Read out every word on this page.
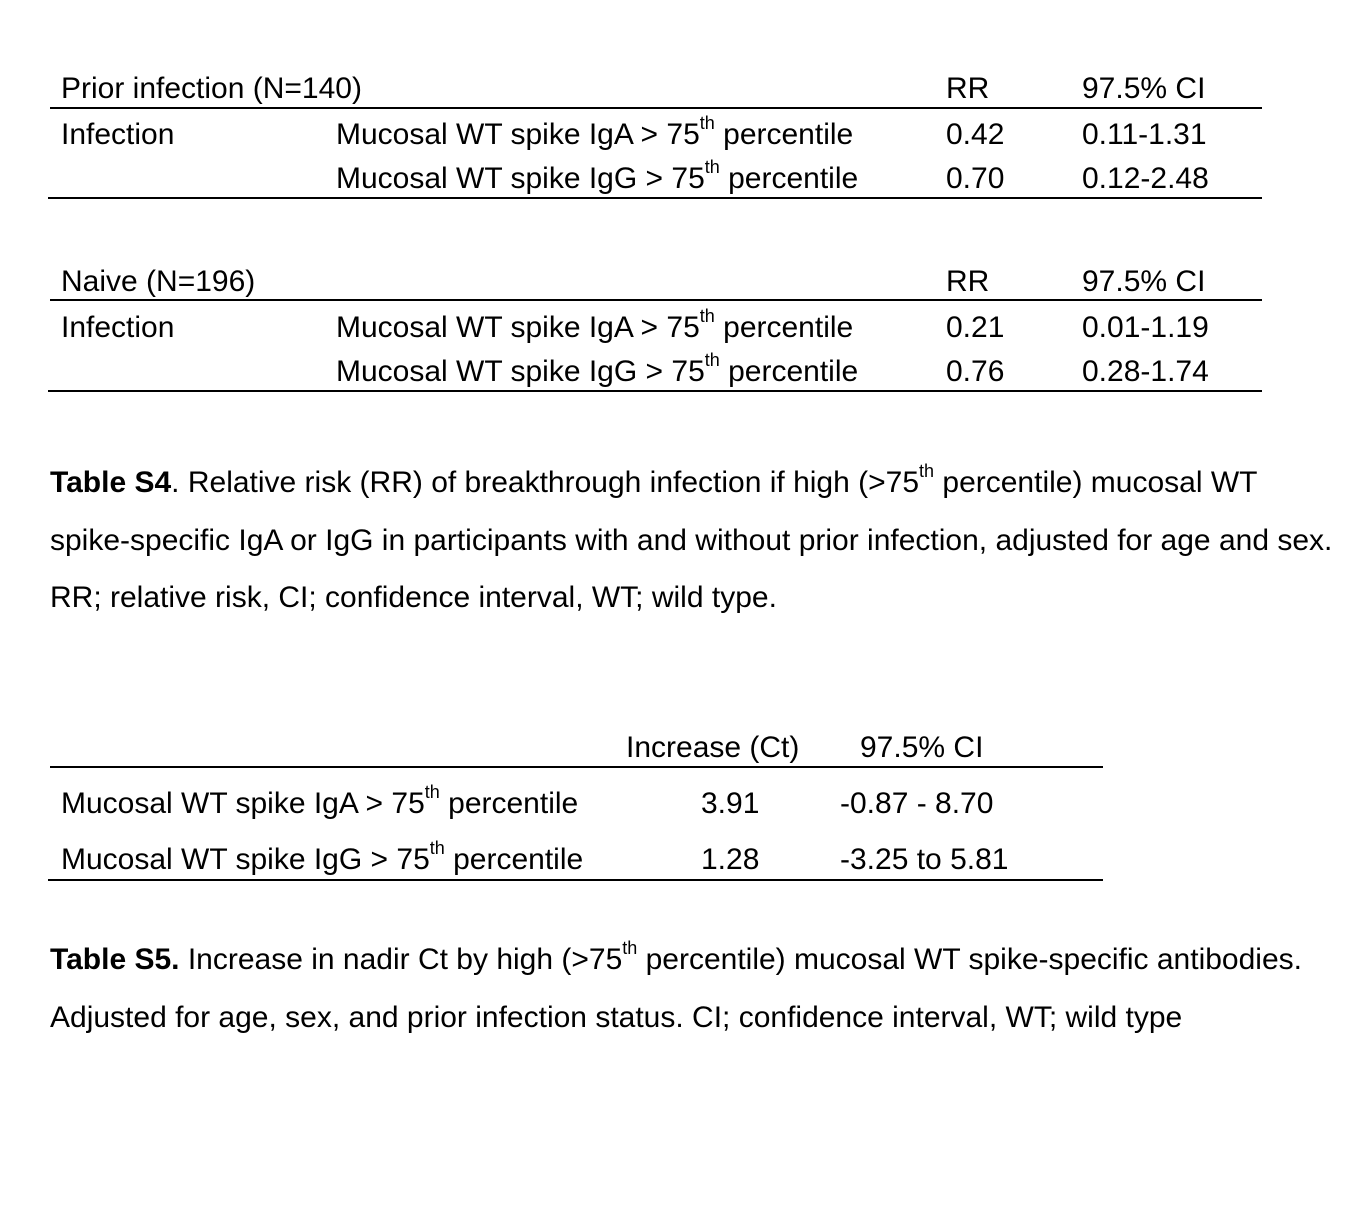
Prior infection (N=140)	RR	97.5% CI
Infection	Mucosal WT spike IgA > 75th percentile	0.42	0.11-1.31
Mucosal WT spike IgG > 75th percentile	0.70	0.12-2.48
Naive (N=196)	RR	97.5% CI
Infection	Mucosal WT spike IgA > 75th percentile	0.21	0.01-1.19
Mucosal WT spike IgG > 75th percentile	0.76	0.28-1.74

Table S4. Relative risk (RR) of breakthrough infection if high (>75th percentile) mucosal WT spike-specific IgA or IgG in participants with and without prior infection, adjusted for age and sex. RR; relative risk, CI; confidence interval, WT; wild type.

Increase (Ct) 97.5% CI
Mucosal WT spike IgA > 75th percentile	3.91	-0.87 - 8.70
Mucosal WT spike IgG > 75th percentile	1.28	-3.25 to 5.81

Table S5. Increase in nadir Ct by high (>75th percentile) mucosal WT spike-specific antibodies. Adjusted for age, sex, and prior infection status. CI; confidence interval, WT; wild type
